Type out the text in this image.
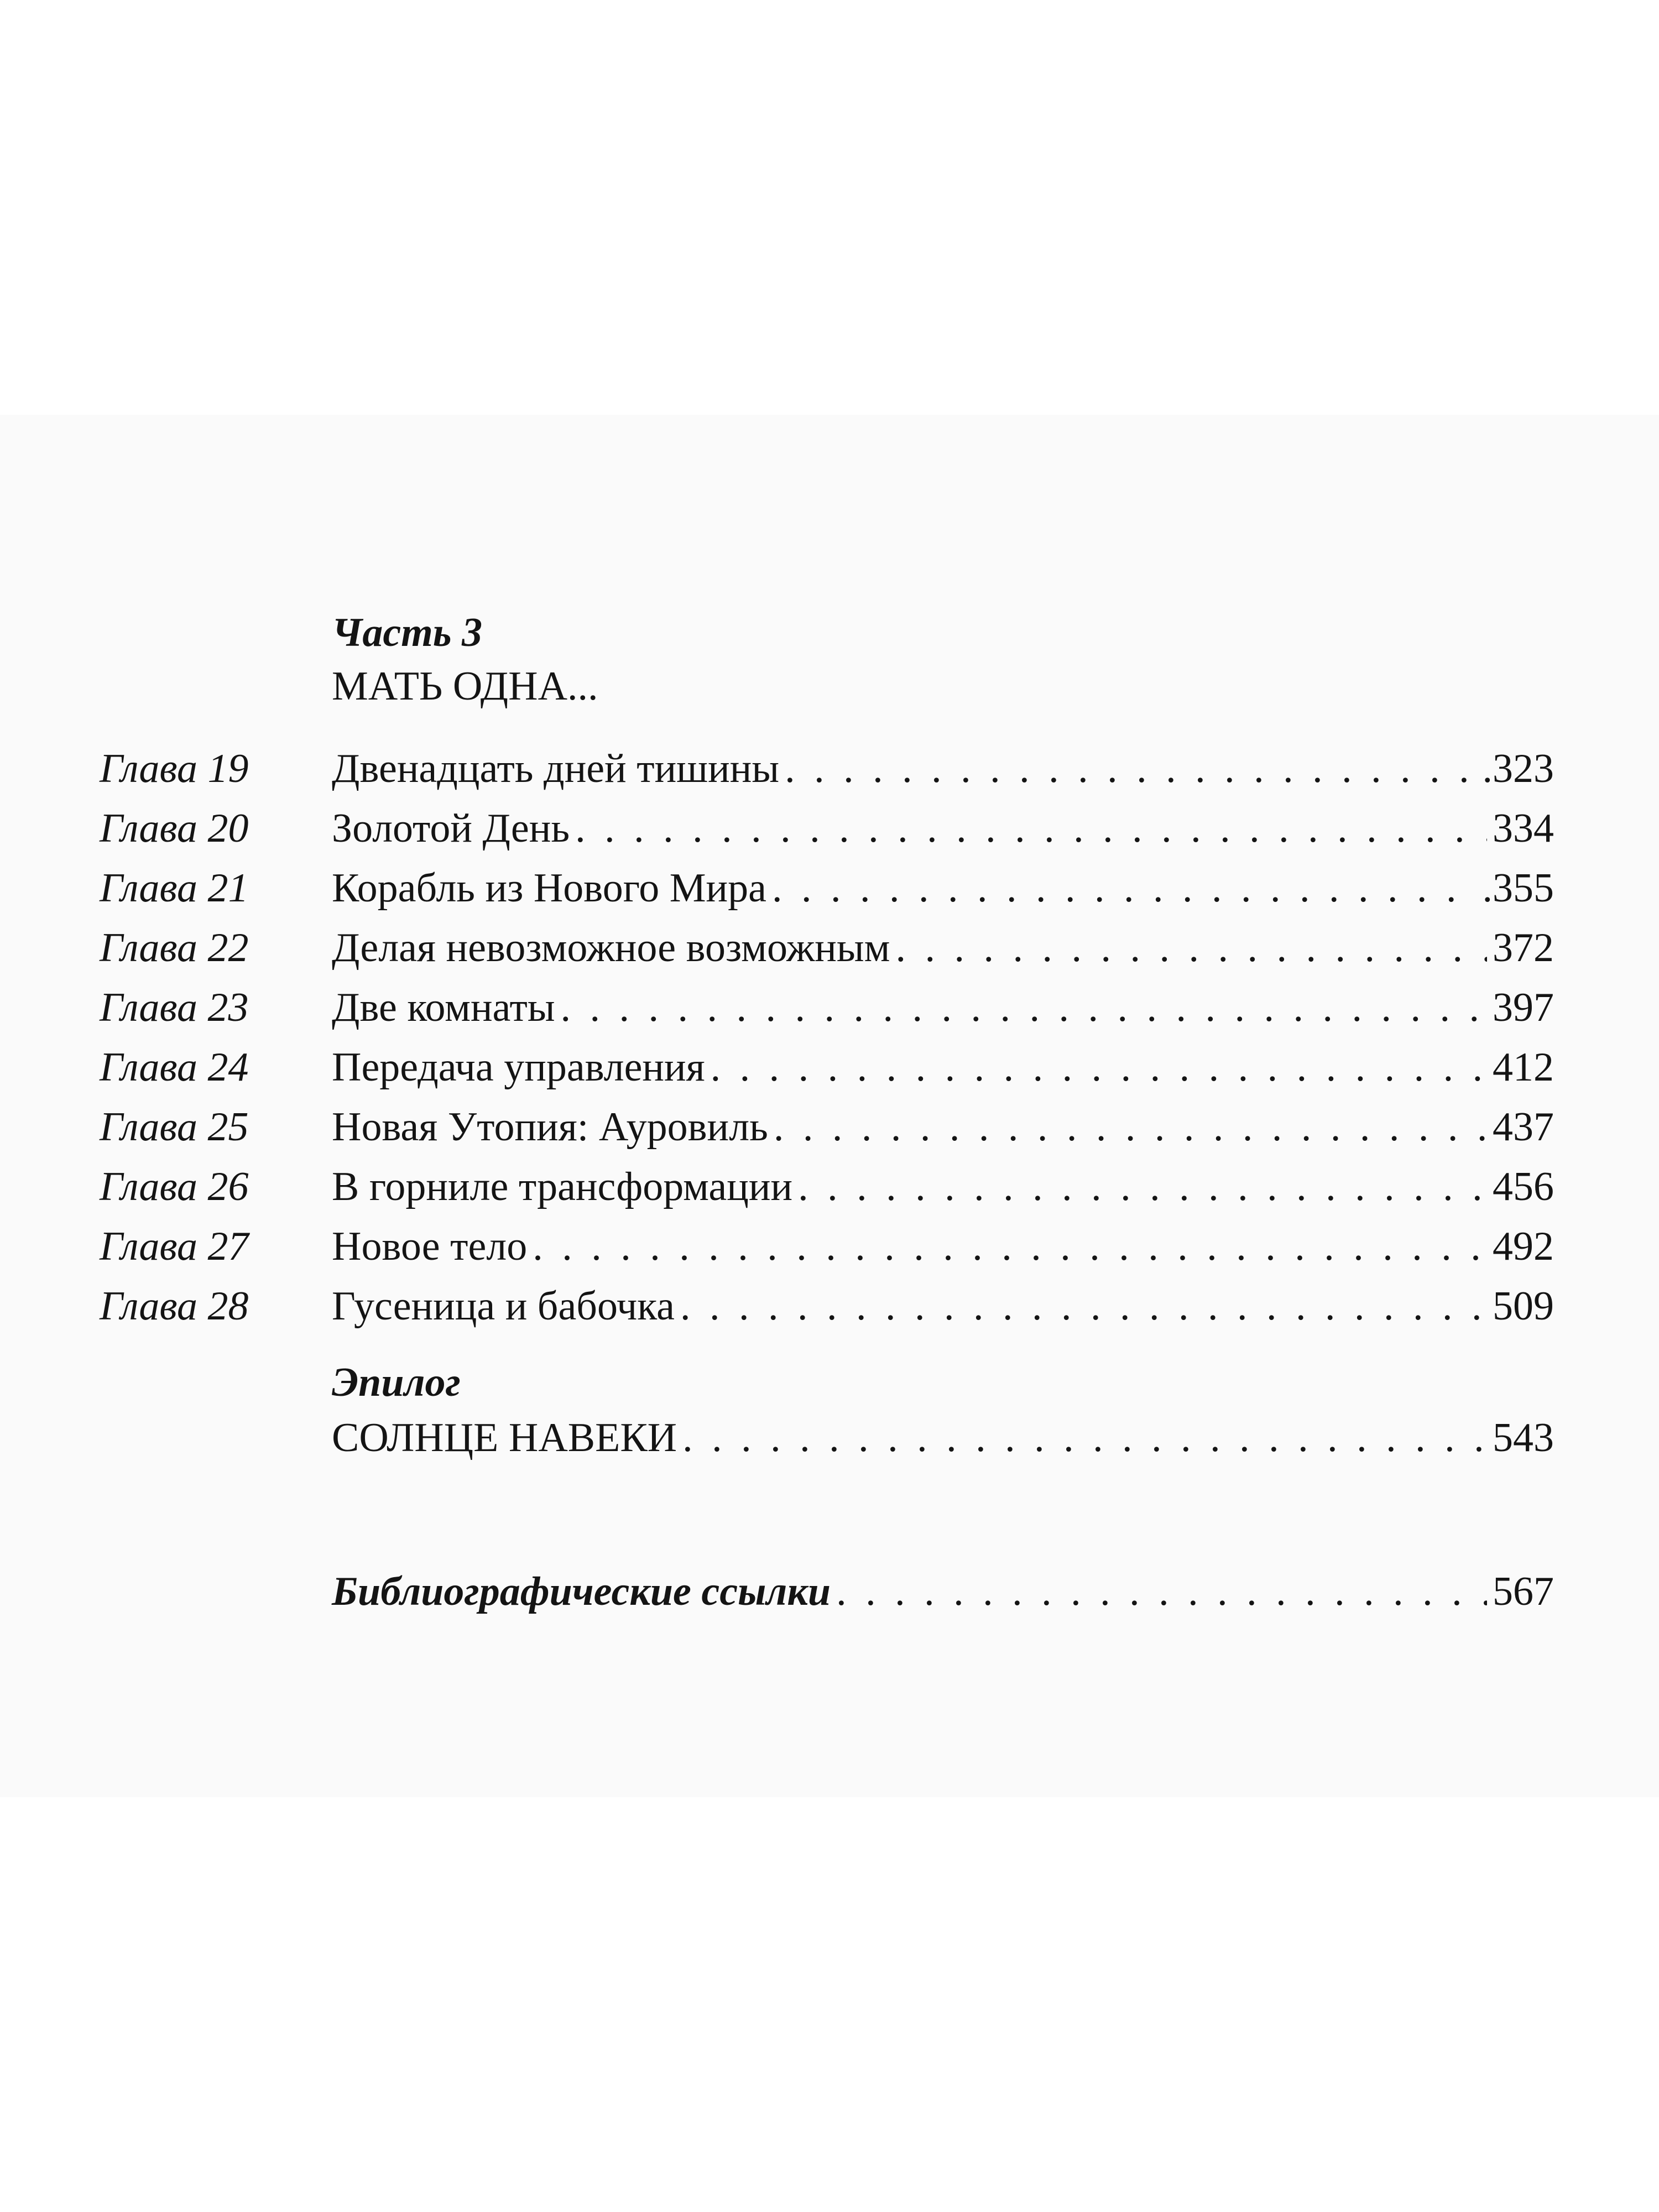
Часть 3
МАТЬ ОДНА...
Глава 19	Двенадцать дней тишины . . .	.323
Глава 20	Золотой День . . .	334
Глава 21	Корабль из Нового Мира . . .	.355
Глава 22	Делая невозможное возможным . . .	372
Глава 23	Две комнаты . . .	397
Глава 24	Передача управления . . .	412
Глава 25	Новая Утопия: Ауровиль . . .	437
Глава 26	В горниле трансформации . . .	456
Глава 27	Новое тело . . .	492
Глава 28	Гусеница и бабочка . . .	509
Эпилог
СОЛНЦЕ НАВЕКИ . . .	543
Библиографические ссылки . . .	567
